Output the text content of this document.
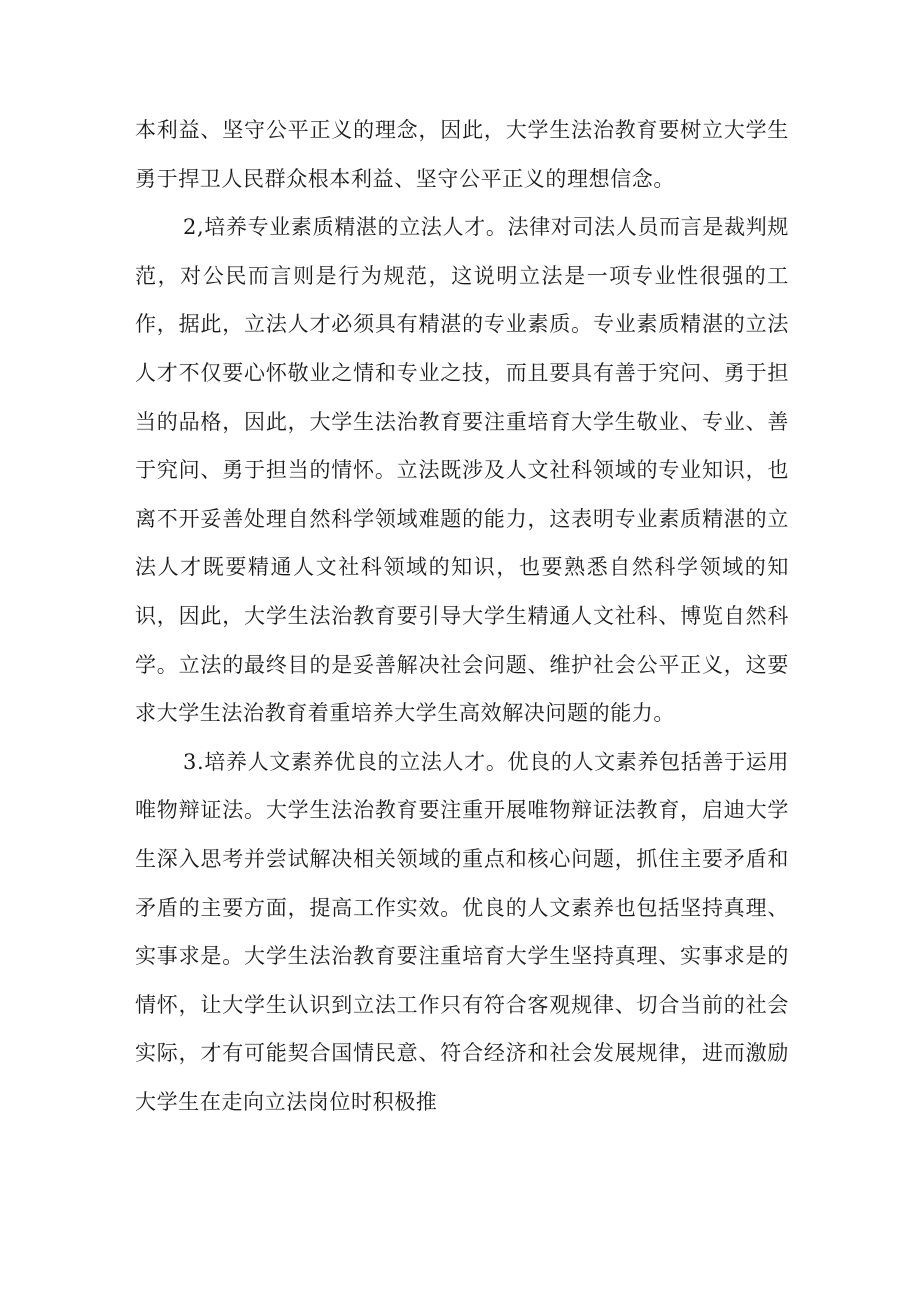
本利益、坚守公平正义的理念，因此，大学生法治教育要树立大学生勇于捍卫人民群众根本利益、坚守公平正义的理想信念。

2,培养专业素质精湛的立法人才。法律对司法人员而言是裁判规范，对公民而言则是行为规范，这说明立法是一项专业性很强的工作，据此，立法人才必须具有精湛的专业素质。专业素质精湛的立法人才不仅要心怀敬业之情和专业之技，而且要具有善于究问、勇于担当的品格，因此，大学生法治教育要注重培育大学生敬业、专业、善于究问、勇于担当的情怀。立法既涉及人文社科领域的专业知识，也离不开妥善处理自然科学领域难题的能力，这表明专业素质精湛的立法人才既要精通人文社科领域的知识，也要熟悉自然科学领域的知识，因此，大学生法治教育要引导大学生精通人文社科、博览自然科学。立法的最终目的是妥善解决社会问题、维护社会公平正义，这要求大学生法治教育着重培养大学生高效解决问题的能力。

3.培养人文素养优良的立法人才。优良的人文素养包括善于运用唯物辩证法。大学生法治教育要注重开展唯物辩证法教育，启迪大学生深入思考并尝试解决相关领域的重点和核心问题，抓住主要矛盾和矛盾的主要方面，提高工作实效。优良的人文素养也包括坚持真理、实事求是。大学生法治教育要注重培育大学生坚持真理、实事求是的情怀，让大学生认识到立法工作只有符合客观规律、切合当前的社会实际，才有可能契合国情民意、符合经济和社会发展规律，进而激励大学生在走向立法岗位时积极推
